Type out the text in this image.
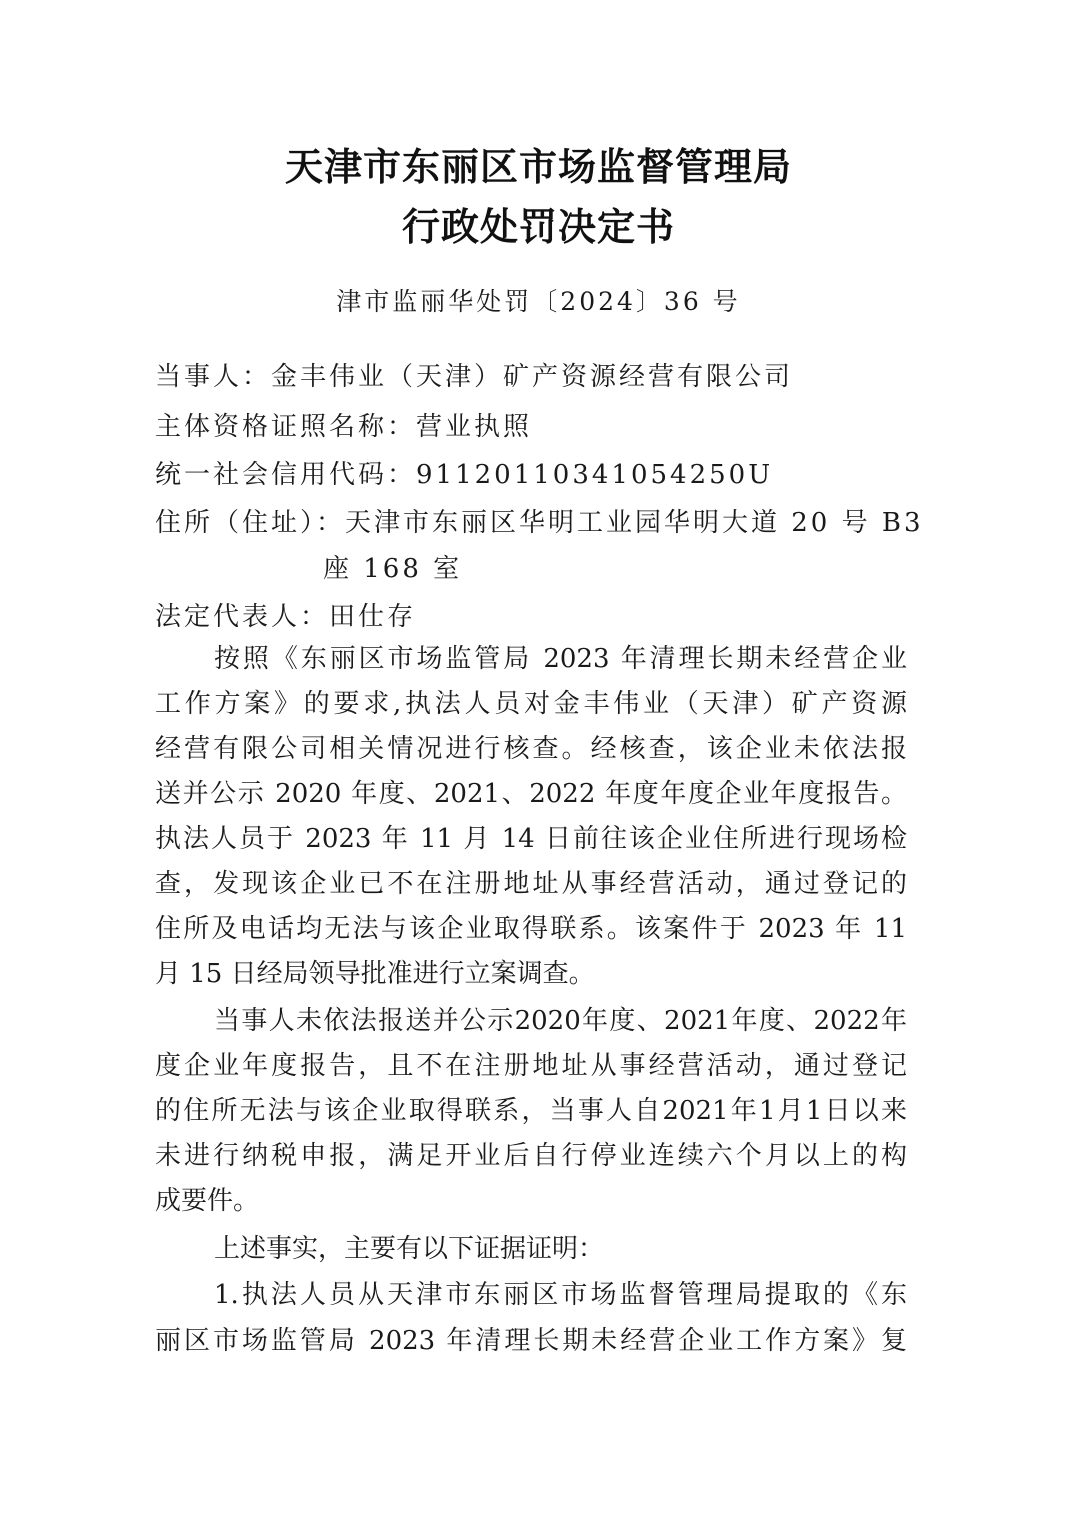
天津市东丽区市场监督管理局
行政处罚决定书
津市监丽华处罚〔2024〕36 号
当事人：金丰伟业（天津）矿产资源经营有限公司
主体资格证照名称：营业执照
统一社会信用代码：91120110341054250U
住所（住址）：天津市东丽区华明工业园华明大道 20 号 B3
座 168 室
法定代表人：田仕存
按照《东丽区市场监管局 2023 年清理长期未经营企业
工作方案》的要求,执法人员对金丰伟业（天津）矿产资源
经营有限公司相关情况进行核查。经核查，该企业未依法报
送并公示 2020 年度、2021、2022 年度年度企业年度报告。
执法人员于 2023 年 11 月 14 日前往该企业住所进行现场检
查，发现该企业已不在注册地址从事经营活动，通过登记的
住所及电话均无法与该企业取得联系。该案件于 2023 年 11
月 15 日经局领导批准进行立案调查。
当事人未依法报送并公示2020年度、2021年度、2022年
度企业年度报告，且不在注册地址从事经营活动，通过登记
的住所无法与该企业取得联系，当事人自2021年1月1日以来
未进行纳税申报，满足开业后自行停业连续六个月以上的构
成要件。
上述事实，主要有以下证据证明：
1.执法人员从天津市东丽区市场监督管理局提取的《东
丽区市场监管局 2023 年清理长期未经营企业工作方案》复
